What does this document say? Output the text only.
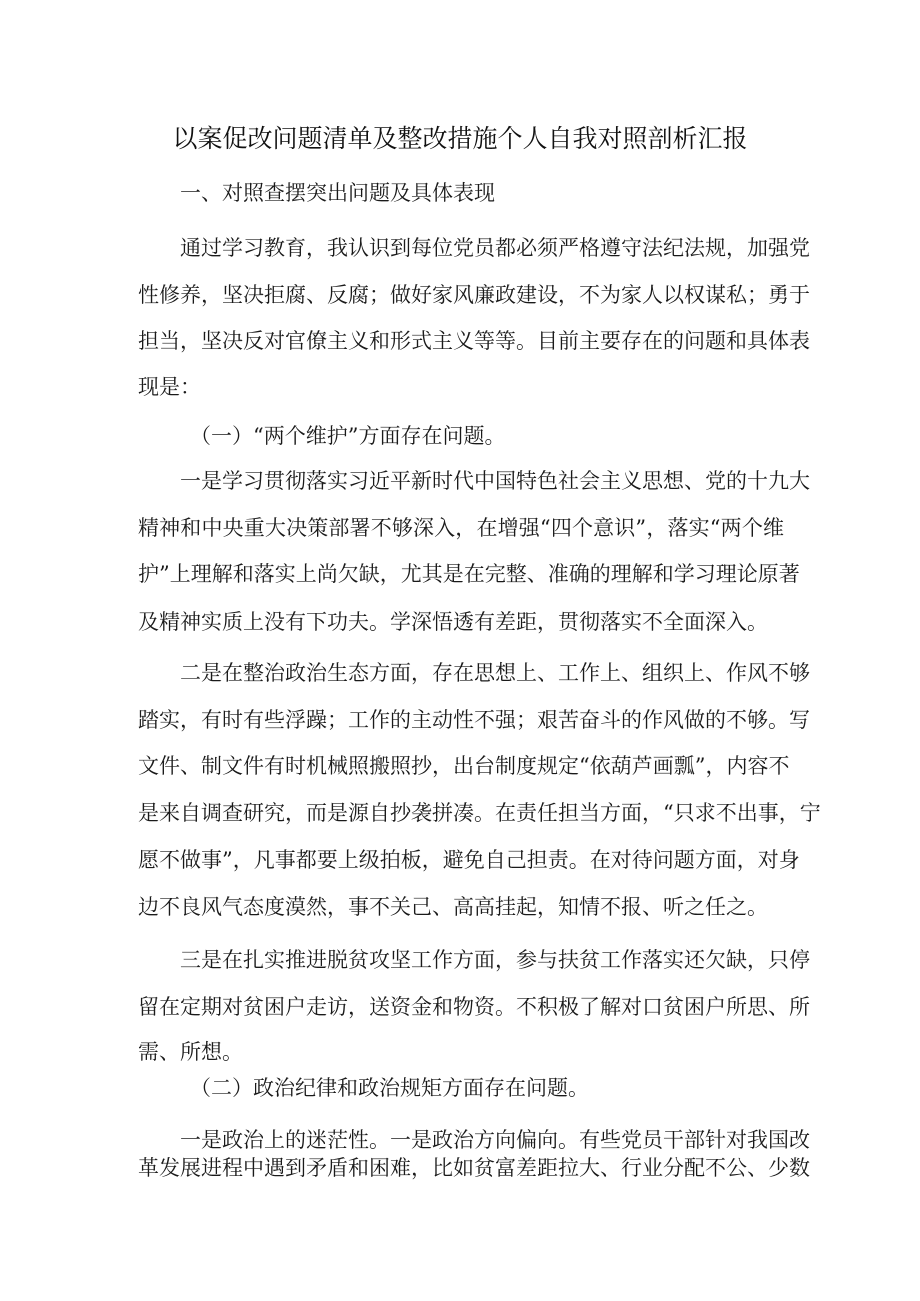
以案促改问题清单及整改措施个人自我对照剖析汇报
一、对照查摆突出问题及具体表现
通过学习教育，我认识到每位党员都必须严格遵守法纪法规，加强党
性修养，坚决拒腐、反腐；做好家风廉政建设，不为家人以权谋私；勇于
担当，坚决反对官僚主义和形式主义等等。目前主要存在的问题和具体表
现是：
（一）“两个维护”方面存在问题。
一是学习贯彻落实习近平新时代中国特色社会主义思想、党的十九大
精神和中央重大决策部署不够深入，在增强“四个意识”，落实“两个维
护”上理解和落实上尚欠缺，尤其是在完整、准确的理解和学习理论原著
及精神实质上没有下功夫。学深悟透有差距，贯彻落实不全面深入。
二是在整治政治生态方面，存在思想上、工作上、组织上、作风不够
踏实，有时有些浮躁；工作的主动性不强；艰苦奋斗的作风做的不够。写
文件、制文件有时机械照搬照抄，出台制度规定“依葫芦画瓢”，内容不
是来自调查研究，而是源自抄袭拼凑。在责任担当方面，“只求不出事，宁
愿不做事”，凡事都要上级拍板，避免自己担责。在对待问题方面，对身
边不良风气态度漠然，事不关己、高高挂起，知情不报、听之任之。
三是在扎实推进脱贫攻坚工作方面，参与扶贫工作落实还欠缺，只停
留在定期对贫困户走访，送资金和物资。不积极了解对口贫困户所思、所
需、所想。
（二）政治纪律和政治规矩方面存在问题。
一是政治上的迷茫性。一是政治方向偏向。有些党员干部针对我国改
革发展进程中遇到矛盾和困难，比如贫富差距拉大、行业分配不公、少数
